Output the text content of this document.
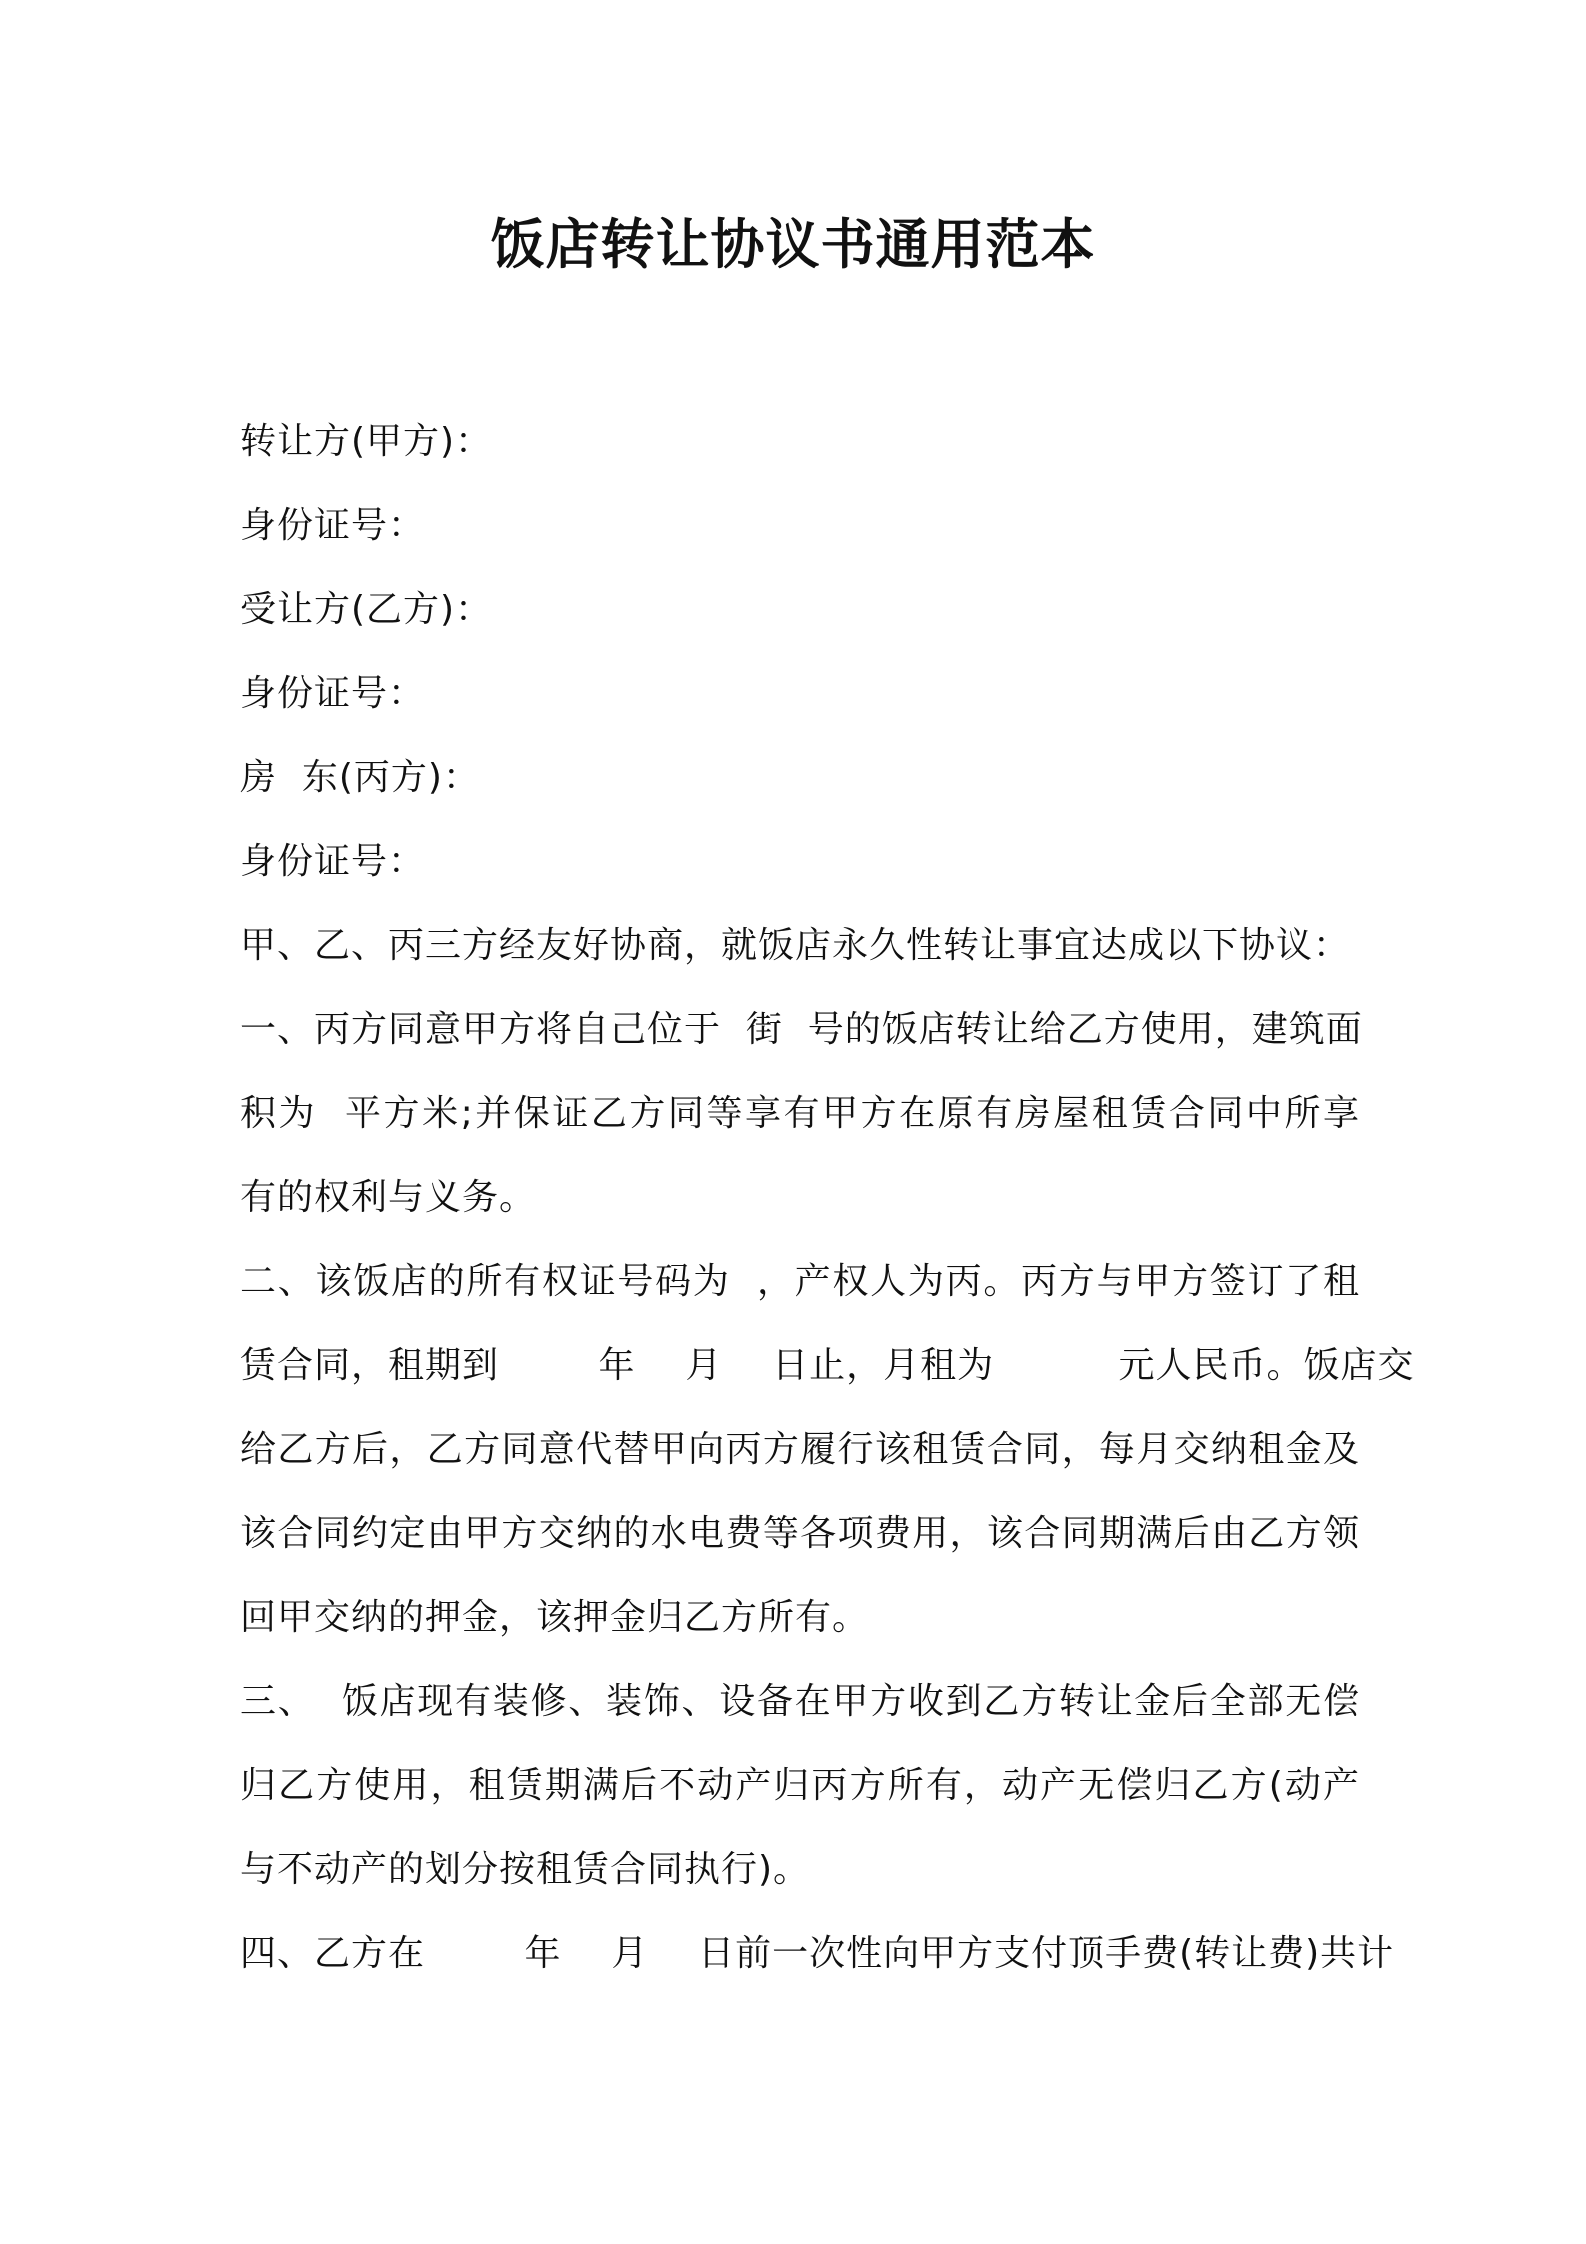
饭店转让协议书通用范本
转让方(甲方)：
身份证号：
受让方(乙方)：
身份证号：
房  东(丙方)：
身份证号：
甲、乙、丙三方经友好协商，就饭店永久性转让事宜达成以下协议：
一、丙方同意甲方将自己位于  街  号的饭店转让给乙方使用，建筑面
积为  平方米;并保证乙方同等享有甲方在原有房屋租赁合同中所享
有的权利与义务。
二、该饭店的所有权证号码为  ，产权人为丙。丙方与甲方签订了租
赁合同，租期到        年    月    日止，月租为          元人民币。饭店交
给乙方后，乙方同意代替甲向丙方履行该租赁合同，每月交纳租金及
该合同约定由甲方交纳的水电费等各项费用，该合同期满后由乙方领
回甲交纳的押金，该押金归乙方所有。
三、  饭店现有装修、装饰、设备在甲方收到乙方转让金后全部无偿
归乙方使用，租赁期满后不动产归丙方所有，动产无偿归乙方(动产
与不动产的划分按租赁合同执行)。
四、乙方在        年    月    日前一次性向甲方支付顶手费(转让费)共计
